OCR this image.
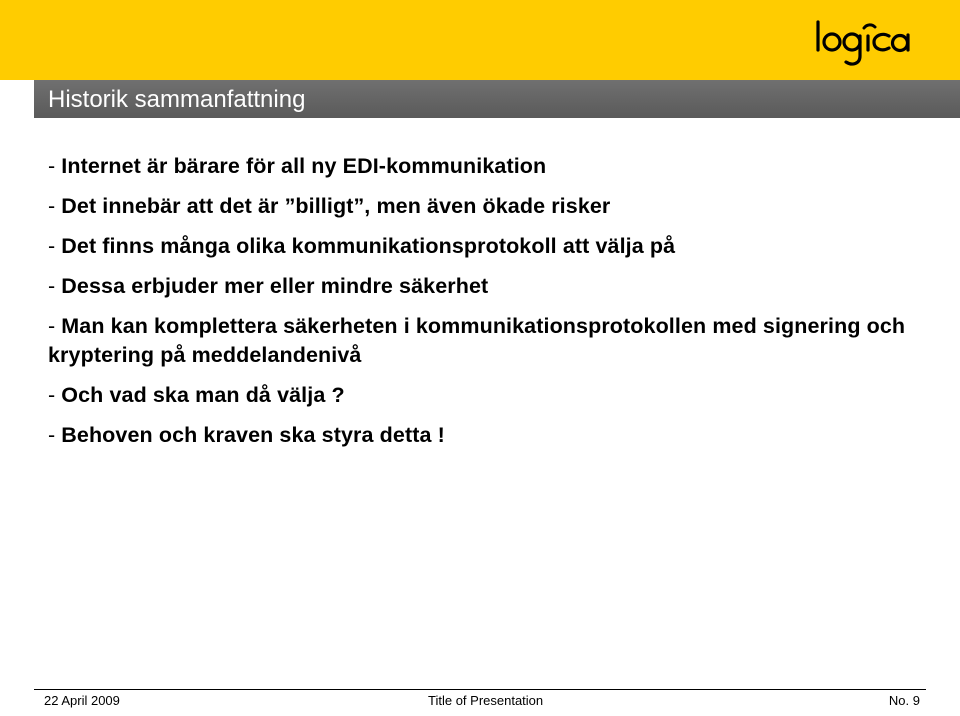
Historik sammanfattning
- Internet är bärare för all ny EDI-kommunikation
- Det innebär att det är ”billigt”, men även ökade risker
- Det finns många olika kommunikationsprotokoll att välja på
- Dessa erbjuder mer eller mindre säkerhet
- Man kan komplettera säkerheten i kommunikationsprotokollen med signering och kryptering på meddelandenivå
- Och vad ska man då välja ?
- Behoven och kraven ska styra detta !
22 April 2009	Title of Presentation	No. 9
